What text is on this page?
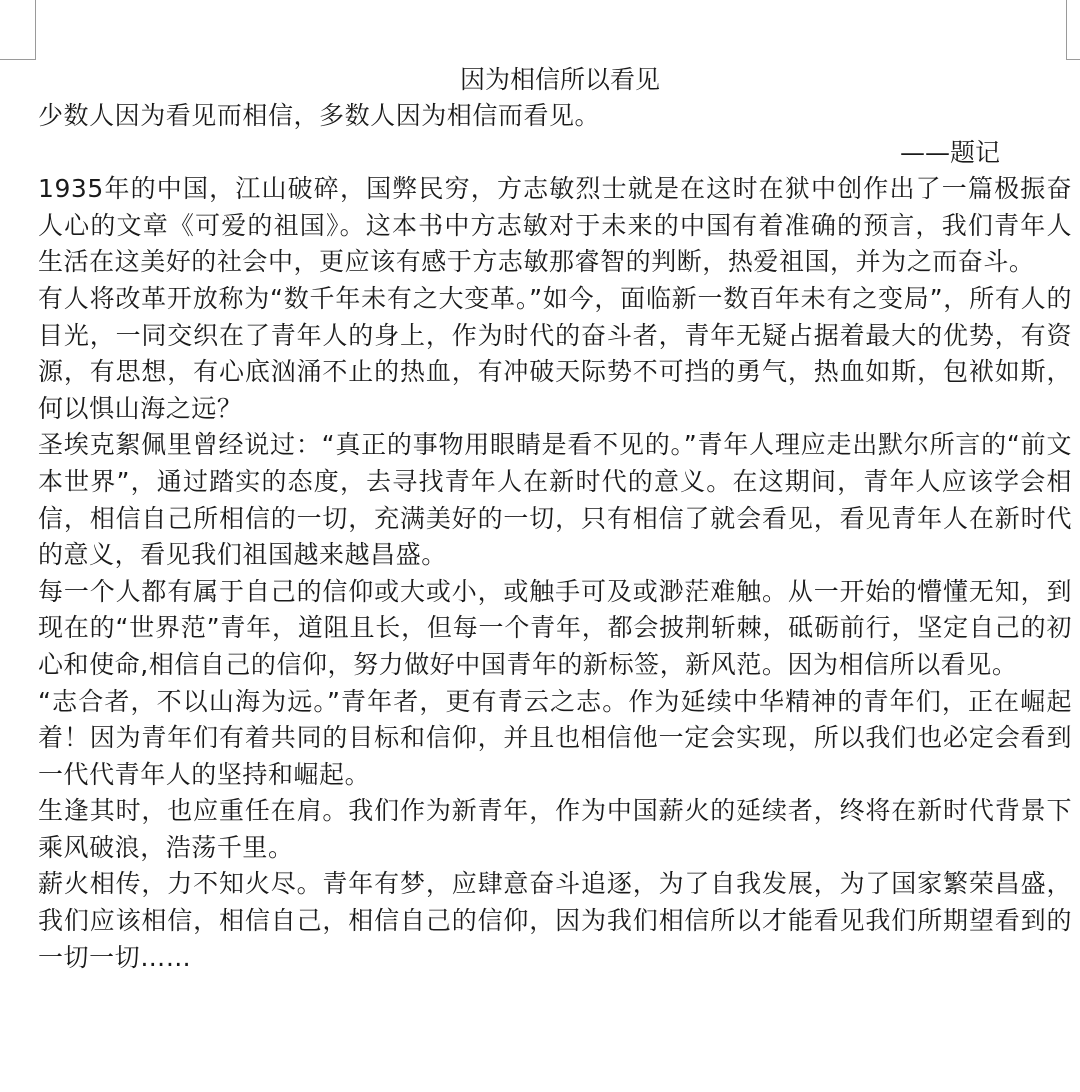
因为相信所以看见

少数人因为看见而相信，多数人因为相信而看见。

——题记

1935年的中国，江山破碎，国弊民穷，方志敏烈士就是在这时在狱中创作出了一篇极振奋人心的文章《可爱的祖国》。这本书中方志敏对于未来的中国有着准确的预言，我们青年人生活在这美好的社会中，更应该有感于方志敏那睿智的判断，热爱祖国，并为之而奋斗。

有人将改革开放称为“数千年未有之大变革。”如今，面临新一数百年未有之变局”，所有人的目光，一同交织在了青年人的身上，作为时代的奋斗者，青年无疑占据着最大的优势，有资源，有思想，有心底汹涌不止的热血，有冲破天际势不可挡的勇气，热血如斯，包袱如斯，何以惧山海之远？

圣埃克絮佩里曾经说过：“真正的事物用眼睛是看不见的。”青年人理应走出默尔所言的“前文本世界”，通过踏实的态度，去寻找青年人在新时代的意义。在这期间，青年人应该学会相信，相信自己所相信的一切，充满美好的一切，只有相信了就会看见，看见青年人在新时代的意义，看见我们祖国越来越昌盛。

每一个人都有属于自己的信仰或大或小，或触手可及或渺茫难触。从一开始的懵懂无知，到现在的“世界范”青年，道阻且长，但每一个青年，都会披荆斩棘，砥砺前行，坚定自己的初心和使命,相信自己的信仰，努力做好中国青年的新标签，新风范。因为相信所以看见。

“志合者，不以山海为远。”青年者，更有青云之志。作为延续中华精神的青年们，正在崛起着！因为青年们有着共同的目标和信仰，并且也相信他一定会实现，所以我们也必定会看到一代代青年人的坚持和崛起。

生逢其时，也应重任在肩。我们作为新青年，作为中国薪火的延续者，终将在新时代背景下乘风破浪，浩荡千里。

薪火相传，力不知火尽。青年有梦，应肆意奋斗追逐，为了自我发展，为了国家繁荣昌盛，我们应该相信，相信自己，相信自己的信仰，因为我们相信所以才能看见我们所期望看到的一切一切……
